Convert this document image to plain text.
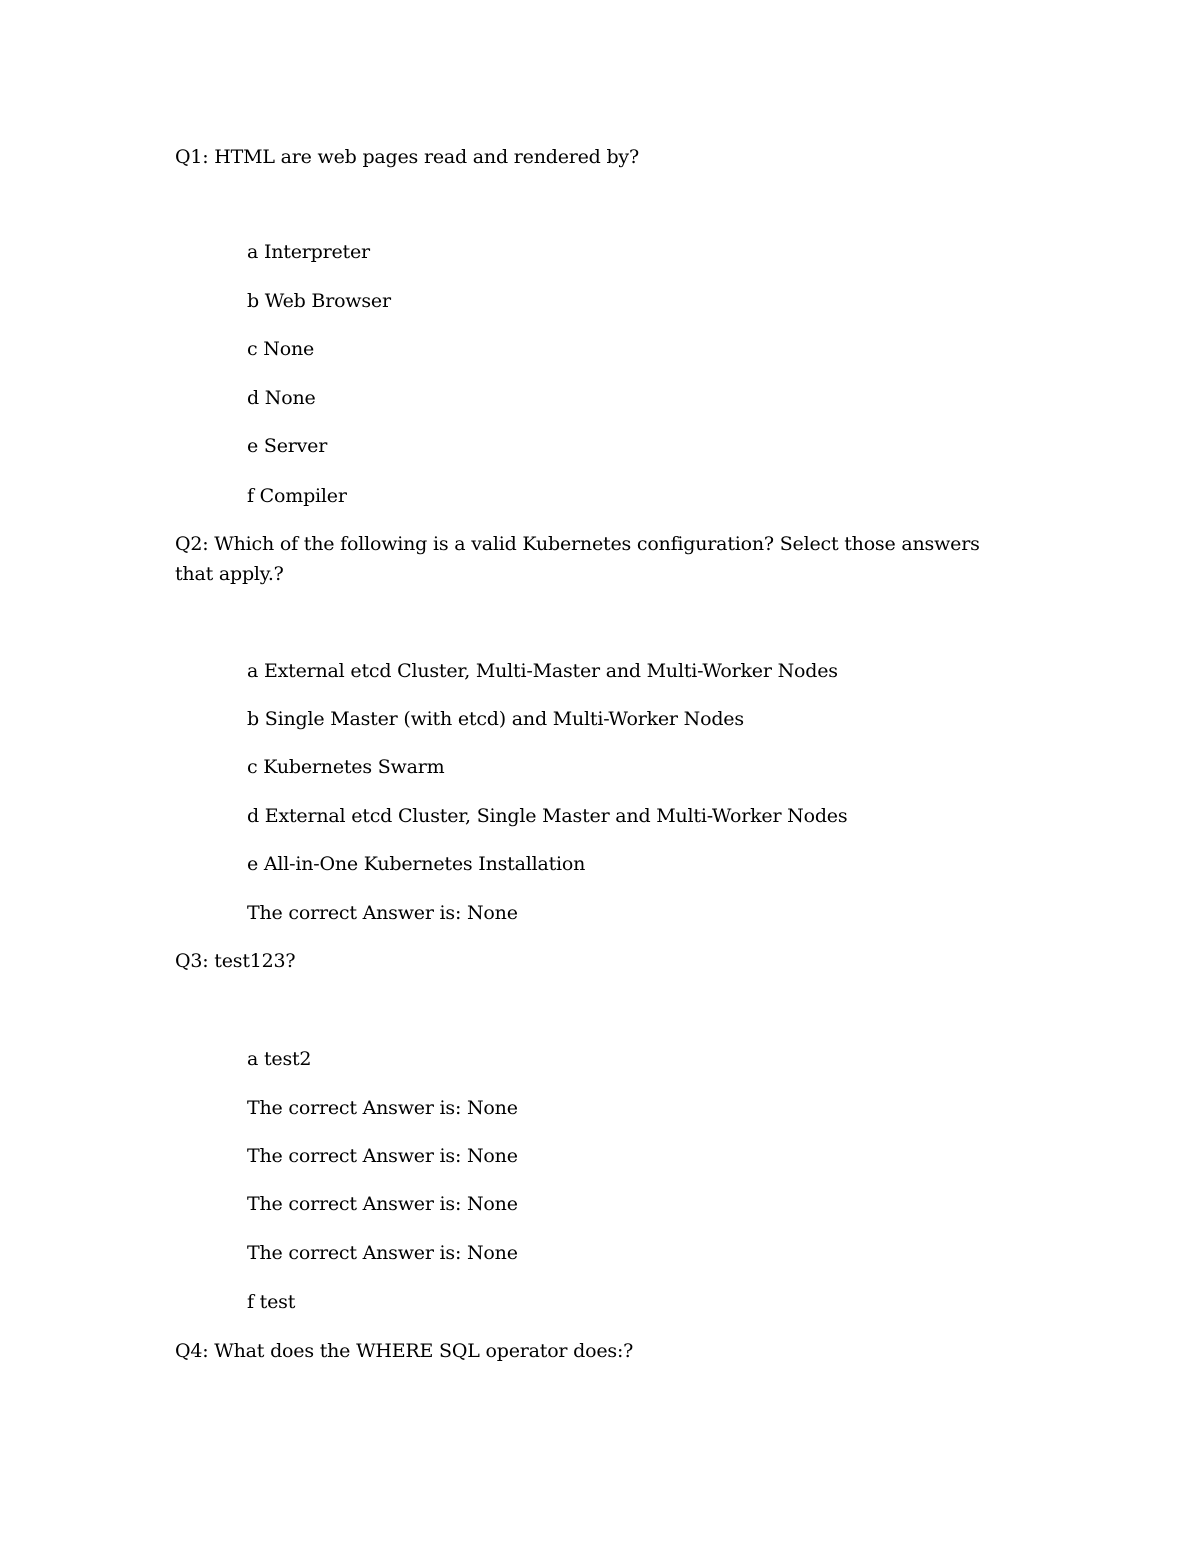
Q1: HTML are web pages read and rendered by?
a Interpreter
b Web Browser
c None
d None
e Server
f Compiler
Q2: Which of the following is a valid Kubernetes configuration? Select those answers that apply.?
a External etcd Cluster, Multi-Master and Multi-Worker Nodes
b Single Master (with etcd) and Multi-Worker Nodes
c Kubernetes Swarm
d External etcd Cluster, Single Master and Multi-Worker Nodes
e All-in-One Kubernetes Installation
The correct Answer is: None
Q3: test123?
a test2
The correct Answer is: None
The correct Answer is: None
The correct Answer is: None
The correct Answer is: None
f test
Q4: What does the WHERE SQL operator does:?
